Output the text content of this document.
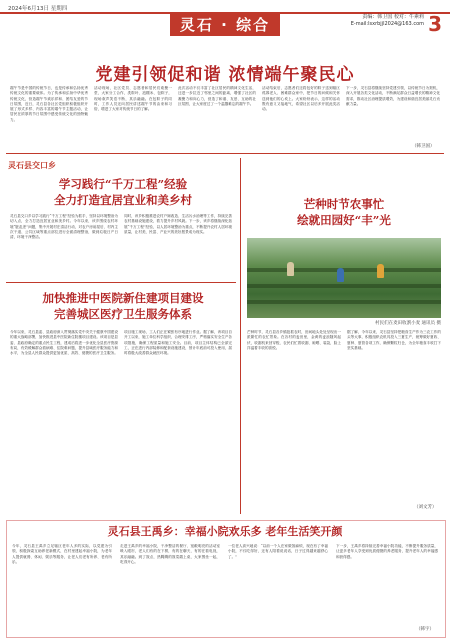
2024年6月13日 星期四
灵石 · 综合	责编：韩卫国 校对：牛素莉
E-mail:lsxrbjjl2024@163.com 3
党建引领促和谐 浓情端午聚民心
端午节是中国的传统节日，也是传承和弘扬优秀传统文化的重要载体。为了传承和弘扬中华优秀传统文化，营造端午节欢乐祥和、团结友爱的节日氛围，近日，灵石县各社区党组织积极组织开展了形式多样、内容丰富的端午节主题活动，让居民在浓厚的节日氛围中感受传统文化的独特魅力。
活动现场，社区党员、志愿者和居民们欢聚一堂，大家分工合作，洗粽叶、泡糯米、包粽子，现场欢声笑语不断，其乐融融。在包粽子的同时，工作人员还向居民讲述端午节的由来和习俗，增进了大家对传统节日的了解。
此次活动不仅丰富了社区居民的精神文化生活，还进一步拉近了邻里之间的距离，增强了社区的凝聚力和向心力，营造了和谐、友爱、互助的社区氛围，让大家度过了一个温馨难忘的端午节。
活动结束后，志愿者们还将包好的粽子送到辖区孤寡老人、困难群众家中，把节日的问候和关怀送到他们的心坎上。大家纷纷表示，这样的活动既有意义又接地气，希望社区以后多开展此类活动。
下一步，灵石县将继续坚持党建引领，以传统节日为契机，深入开展各类文化活动，不断满足群众日益增长的精神文化需求，推动社区治理提质增效，为建设和谐宜居美丽灵石贡献力量。
（韩卫国）
灵石县交口乡
学习践行“千万工程”经验
全力打造宜居宜业和美乡村
灵石县交口乡以学习践行“千万工程”经验为抓手，坚持以环境整治为切入点，全力打造宜居宜业和美乡村。今年以来，该乡围绕农村环境“脏乱差”问题，集中开展村庄清洁行动，对农户房前屋后、村内主次干道、公共区域等重点部位进行全面清理整治，做到垃圾日产日清，环境干净整洁。
同时，该乡积极推进农村户厕改造、生活污水治理等工作，持续完善农村基础设施建设，着力提升乡村风貌。下一步，该乡将继续深化拓展“千万工程”经验，以人居环境整治为重点，不断提升农村人居环境质量，让村美、民富、产业兴的美好愿景成为现实。
加快推进中医院新住建项目建设
完善城区医疗卫生服务体系
今年以来，灵石县委、县政府深入贯彻落实党中央关于健康中国建设的重大战略部署，加快推进县中医院新住院楼项目建设。该项目是县委、县政府确定的重点民生工程，建成后将进一步优化全县医疗资源布局，有效缓解群众看病难、住院难问题，提升县域医疗服务能力和水平，为全县人民群众提供更加优质、高效、便捷的医疗卫生服务。
项目施工现场，工人们正在紧张有序地进行作业。据了解，该项目自开工以来，施工单位科学组织，合理安排工序，严格落实安全生产各项措施，确保工程质量和施工安全。目前，项目主体结构已全部完工，正在进行内部装修和配套设施建设，预计年底前可投入使用，届时将极大改善群众就医环境。
芒种时节农事忙
绘就田园好“丰”光
村民们在麦田收割小麦 通讯员 摄
芒种时节，灵石县各乡镇抢抓农时，田间地头处处呈现出一派繁忙的农忙景象。在各村的麦田里，金黄的麦浪随风起伏，收割机来回穿梭，农民们忙着收割、晾晒、装袋，脸上洋溢着丰收的喜悦。
据了解，今年以来，灵石县坚持把粮食生产作为三农工作的头等大事，积极组织农机具投入三夏生产，统筹做好夏收、夏种、夏管各项工作，确保颗粒归仓，为全年粮食丰收打下坚实基础。
（刘文芳）
灵石县王禹乡：幸福小院欢乐多 老年生活笑开颜
今年，灵石县王禹乡立足辖区老年人多的实际，以党建为引领，积极探索互助养老新模式，在村里建起幸福小院，为老年人提供就餐、休闲、娱乐等服务，让老人们老有所养、老有所乐。
走进王禹乡的幸福小院，干净整洁的餐厅、宽敞明亮的活动室映入眼帘，老人们有的在下棋，有的在聊天，有的在看电视，其乐融融。到了饭点，热腾腾的饭菜端上桌，大家围坐一起，吃得开心。
一位老人高兴地说：“以前一个人在家做饭麻烦，现在有了幸福小院，不仅吃得好，还有人陪着说说话，日子过得越来越舒心了。”
下一步，王禹乡将持续完善幸福小院功能，不断提升服务质量，让更多老年人享受到优质便捷的养老服务，提升老年人的幸福感和获得感。
（韩宇）
